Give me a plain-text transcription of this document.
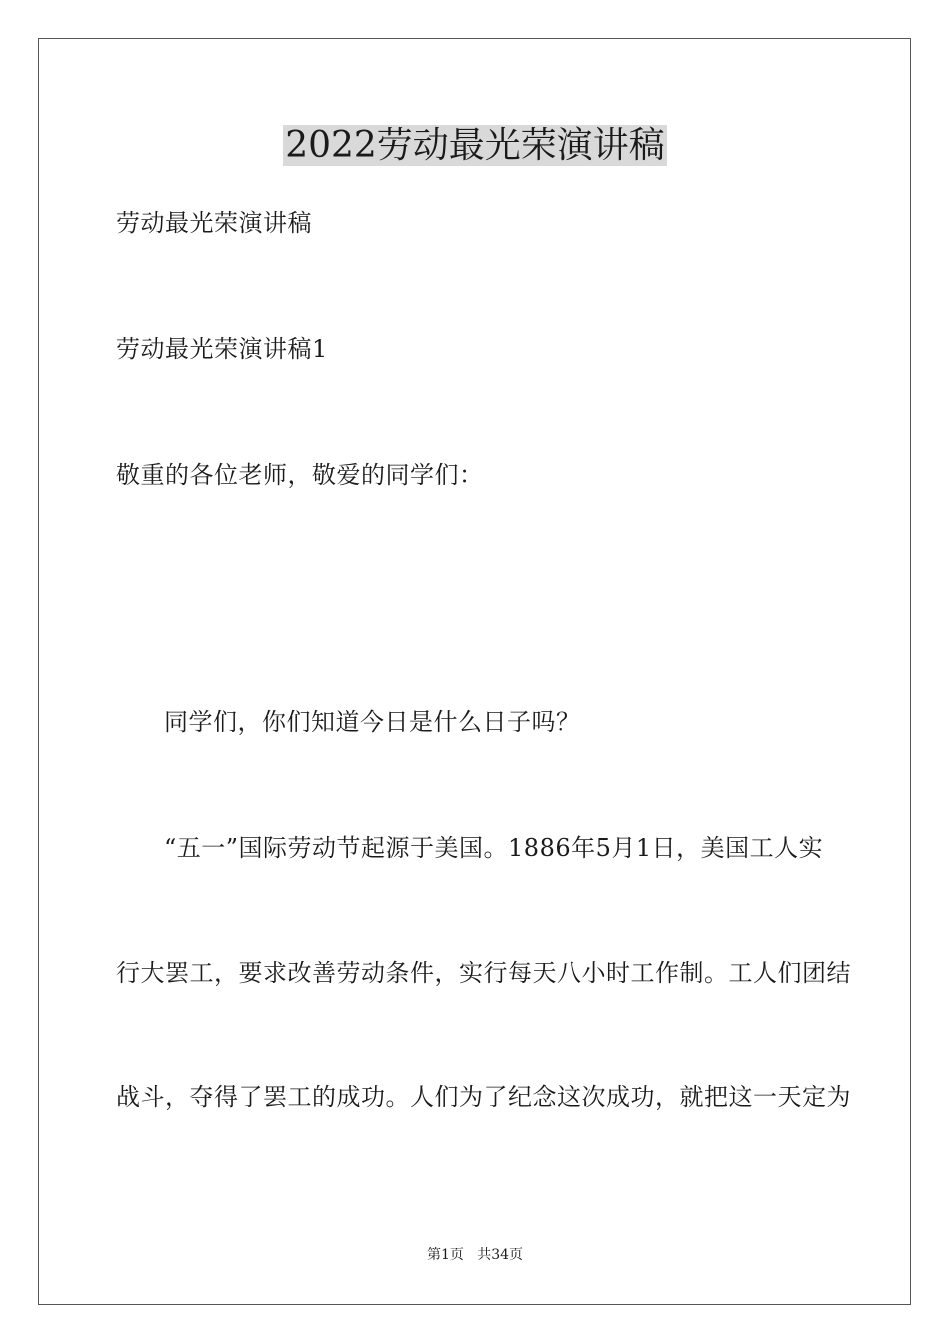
2022劳动最光荣演讲稿

劳动最光荣演讲稿

劳动最光荣演讲稿1

敬重的各位老师，敬爱的同学们：

同学们，你们知道今日是什么日子吗？

“五一”国际劳动节起源于美国。1886年5月1日，美国工人实

行大罢工，要求改善劳动条件，实行每天八小时工作制。工人们团结

战斗，夺得了罢工的成功。人们为了纪念这次成功，就把这一天定为

第1页   共34页
